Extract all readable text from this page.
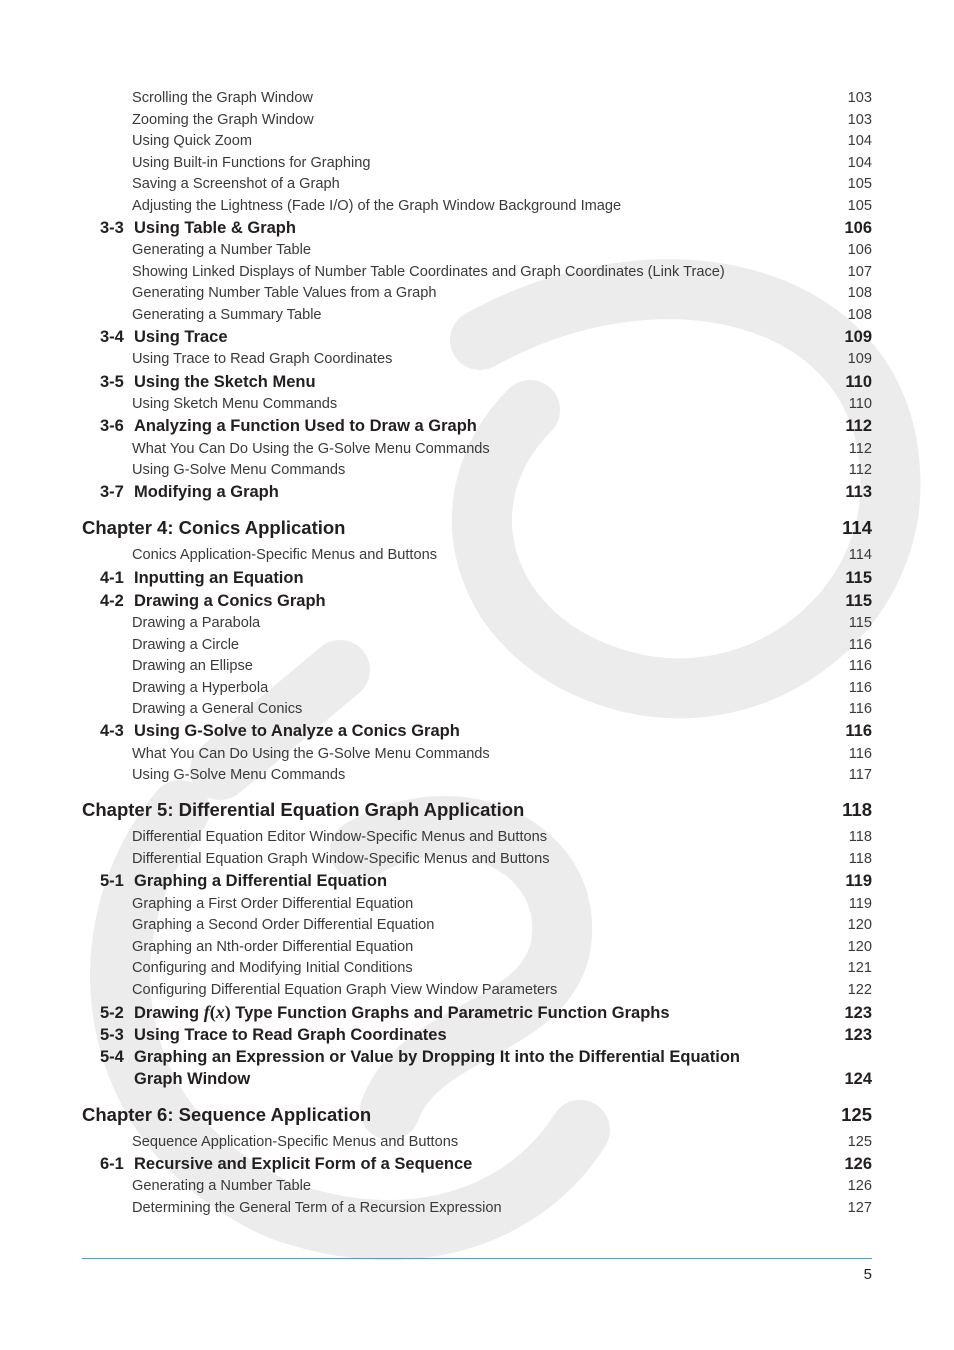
Scrolling the Graph Window	103
Zooming the Graph Window	103
Using Quick Zoom	104
Using Built-in Functions for Graphing	104
Saving a Screenshot of a Graph	105
Adjusting the Lightness (Fade I/O) of the Graph Window Background Image	105
3-3 Using Table & Graph	106
Generating a Number Table	106
Showing Linked Displays of Number Table Coordinates and Graph Coordinates (Link Trace)	107
Generating Number Table Values from a Graph	108
Generating a Summary Table	108
3-4 Using Trace	109
Using Trace to Read Graph Coordinates	109
3-5 Using the Sketch Menu	110
Using Sketch Menu Commands	110
3-6 Analyzing a Function Used to Draw a Graph	112
What You Can Do Using the G-Solve Menu Commands	112
Using G-Solve Menu Commands	112
3-7 Modifying a Graph	113
Chapter 4: Conics Application	114
Conics Application-Specific Menus and Buttons	114
4-1 Inputting an Equation	115
4-2 Drawing a Conics Graph	115
Drawing a Parabola	115
Drawing a Circle	116
Drawing an Ellipse	116
Drawing a Hyperbola	116
Drawing a General Conics	116
4-3 Using G-Solve to Analyze a Conics Graph	116
What You Can Do Using the G-Solve Menu Commands	116
Using G-Solve Menu Commands	117
Chapter 5: Differential Equation Graph Application	118
Differential Equation Editor Window-Specific Menus and Buttons	118
Differential Equation Graph Window-Specific Menus and Buttons	118
5-1 Graphing a Differential Equation	119
Graphing a First Order Differential Equation	119
Graphing a Second Order Differential Equation	120
Graphing an Nth-order Differential Equation	120
Configuring and Modifying Initial Conditions	121
Configuring Differential Equation Graph View Window Parameters	122
5-2 Drawing f(x) Type Function Graphs and Parametric Function Graphs	123
5-3 Using Trace to Read Graph Coordinates	123
5-4 Graphing an Expression or Value by Dropping It into the Differential Equation
Graph Window	124
Chapter 6: Sequence Application	125
Sequence Application-Specific Menus and Buttons	125
6-1 Recursive and Explicit Form of a Sequence	126
Generating a Number Table	126
Determining the General Term of a Recursion Expression	127
5
